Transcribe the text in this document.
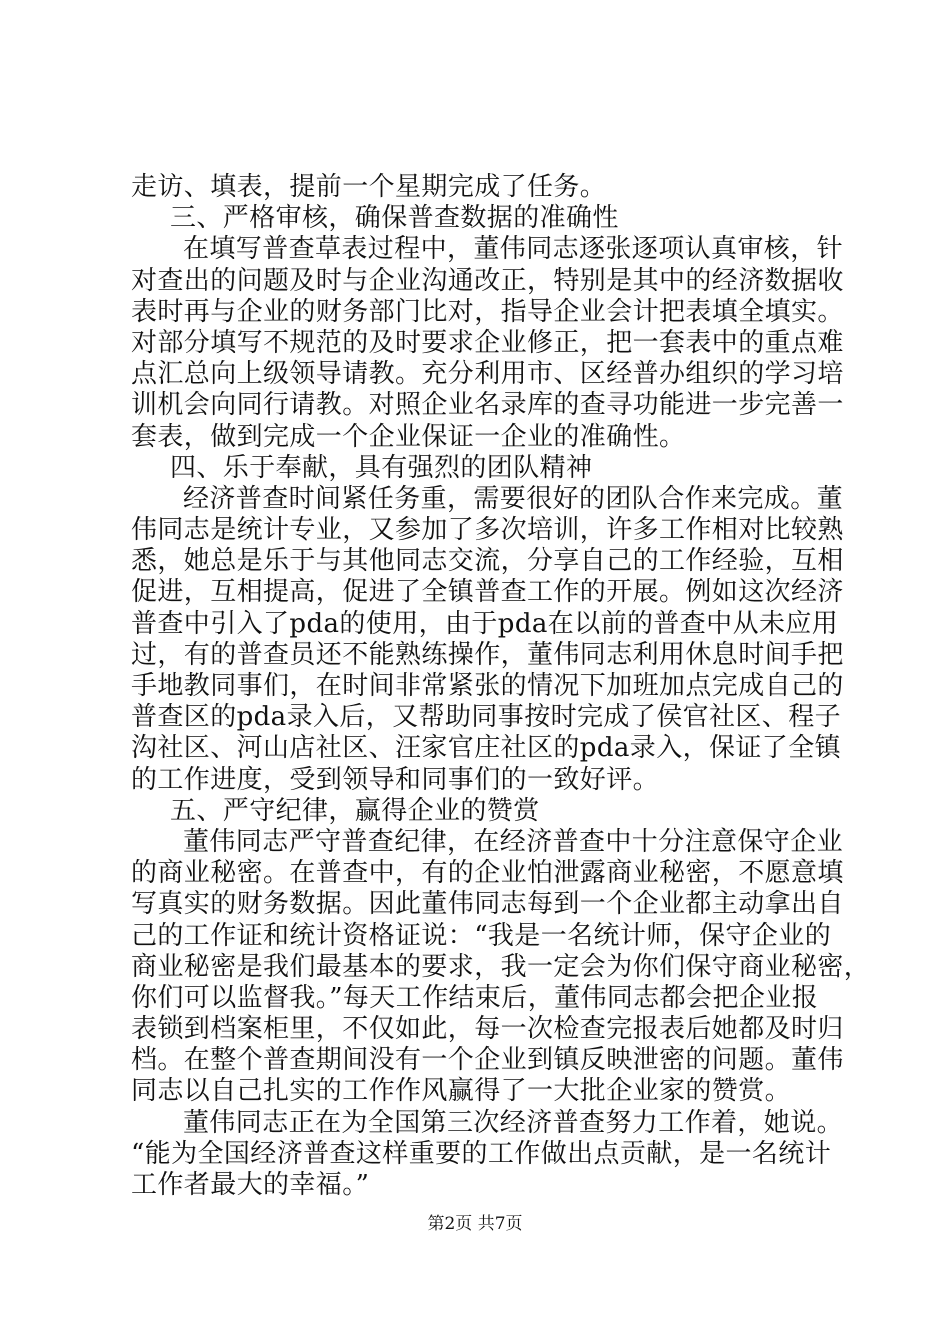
走访、填表，提前一个星期完成了任务。
三、严格审核，确保普查数据的准确性
在填写普查草表过程中，董伟同志逐张逐项认真审核，针
对查出的问题及时与企业沟通改正，特别是其中的经济数据收
表时再与企业的财务部门比对，指导企业会计把表填全填实。
对部分填写不规范的及时要求企业修正，把一套表中的重点难
点汇总向上级领导请教。充分利用市、区经普办组织的学习培
训机会向同行请教。对照企业名录库的查寻功能进一步完善一
套表，做到完成一个企业保证一企业的准确性。
四、乐于奉献，具有强烈的团队精神
经济普查时间紧任务重，需要很好的团队合作来完成。董
伟同志是统计专业，又参加了多次培训，许多工作相对比较熟
悉，她总是乐于与其他同志交流，分享自己的工作经验，互相
促进，互相提高，促进了全镇普查工作的开展。例如这次经济
普查中引入了pda的使用，由于pda在以前的普查中从未应用
过，有的普查员还不能熟练操作，董伟同志利用休息时间手把
手地教同事们，在时间非常紧张的情况下加班加点完成自己的
普查区的pda录入后，又帮助同事按时完成了侯官社区、程子
沟社区、河山店社区、汪家官庄社区的pda录入，保证了全镇
的工作进度，受到领导和同事们的一致好评。
五、严守纪律，赢得企业的赞赏
董伟同志严守普查纪律，在经济普查中十分注意保守企业
的商业秘密。在普查中，有的企业怕泄露商业秘密，不愿意填
写真实的财务数据。因此董伟同志每到一个企业都主动拿出自
己的工作证和统计资格证说：“我是一名统计师，保守企业的
商业秘密是我们最基本的要求，我一定会为你们保守商业秘密，
你们可以监督我。”每天工作结束后，董伟同志都会把企业报
表锁到档案柜里，不仅如此，每一次检查完报表后她都及时归
档。在整个普查期间没有一个企业到镇反映泄密的问题。董伟
同志以自己扎实的工作作风赢得了一大批企业家的赞赏。
董伟同志正在为全国第三次经济普查努力工作着，她说。
“能为全国经济普查这样重要的工作做出点贡献，是一名统计
工作者最大的幸福。”
第2页 共7页
